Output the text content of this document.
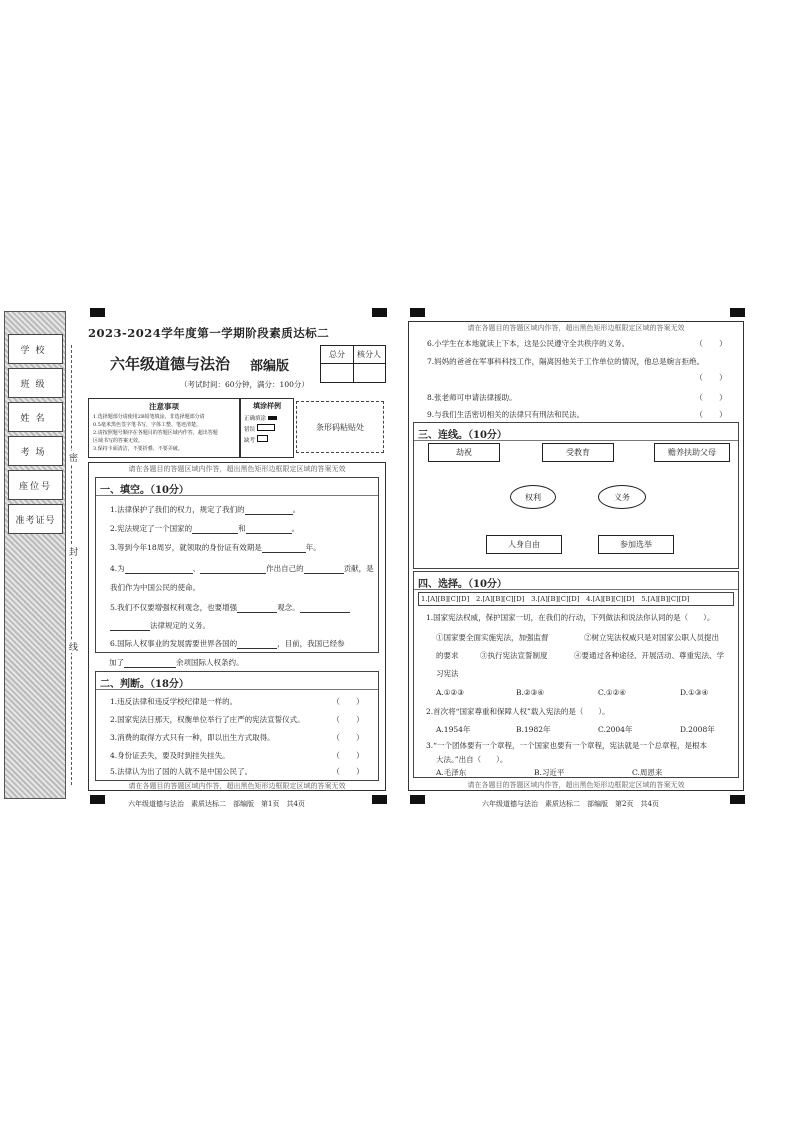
学校
班级
姓名
考场
座位号
准考证号
密
封
线
2023-2024学年度第一学期阶段素质达标二
六年级道德与法治 部编版
（考试时间：60分钟，满分：100分）
总分	核分人
注意事项
1.选择题部分请使用2B铅笔填涂，非选择题部分请
0.5毫米黑色签字笔书写，字体工整、笔迹清楚。
2.请按照题号顺序在各题目的答题区域内作答，超出答题
区域书写的答案无效。
3.保持卡面清洁，不要折叠、不要弄破。
填涂样例
正确填涂
错误
缺考
条形码粘贴处
请在各题目的答题区域内作答，超出黑色矩形边框限定区域的答案无效
一、填空。（10分）
1.法律保护了我们的权力，规定了我们的	。
2.宪法规定了一个国家的	和	。
3.等到今年18周岁，就领取的身份证有效期是	年。
4.为	、	作出自己的	贡献，是
我们作为中国公民的使命。
5.我们不仅要增强权利观念，也要增强	观念。
法律规定的义务。
6.国际人权事业的发展需要世界各国的	，目前，我国已经参
加了	余项国际人权条约。
二、判断。（18分）
1.违反法律和违反学校纪律是一样的。	（　　）
2.国家宪法日那天，权衡单位举行了庄严的宪法宣誓仪式。	（　　）
3.消费的取得方式只有一种，即以出生方式取得。	（　　）
4.身份证丢失，要及时到挂失挂失。	（　　）
5.法律认为出了国的人就不是中国公民了。	（　　）
请在各题目的答题区域内作答，超出黑色矩形边框限定区域的答案无效
六年级道德与法治　素质达标二　部编版　第1页　共4页
请在各题目的答题区域内作答，超出黑色矩形边框限定区域的答案无效
6.小学生在本地就读上下本，这是公民遵守全共秩序的义务。	（　　）
7.妈妈的爸爸在军事科科技工作，隔离因他关于工作单位的情况，他总是婉言拒绝。
（　　）
8.张老师可申请法律援助。	（　　）
9.与我们生活密切相关的法律只有刑法和民法。	（　　）
三、连线。（10分）
劫祝	受教育	赡养扶助父母
权利	义务
人身自由	参加选举
四、选择。（10分）
1.[A][B][C][D]　2.[A][B][C][D]　3.[A][B][C][D]　4.[A][B][C][D]　5.[A][B][C][D]
1.国家宪法权威，保护国家一切，在我们的行动，下列做法和说法你认同的是（　　）。
①国家要全面实施宪法，加强监督	②树立宪法权威只是对国家公职人员提出
的要求	③执行宪法宣誓制度	④要通过各种途径、开展活动、尊重宪法、学
习宪法
A.①②③	B.②③④	C.①②④	D.①③④
2.首次将“国家尊重和保障人权”载入宪法的是（　　）。
A.1954年	B.1982年	C.2004年	D.2008年
3.“一个团体要有一个章程，一个国家也要有一个章程，宪法就是一个总章程，是根本
大法。”出自（　　）。
A.毛泽东	B.习近平	C.周恩来
请在各题目的答题区域内作答，超出黑色矩形边框限定区域的答案无效
六年级道德与法治　素质达标二　部编版　第2页　共4页
